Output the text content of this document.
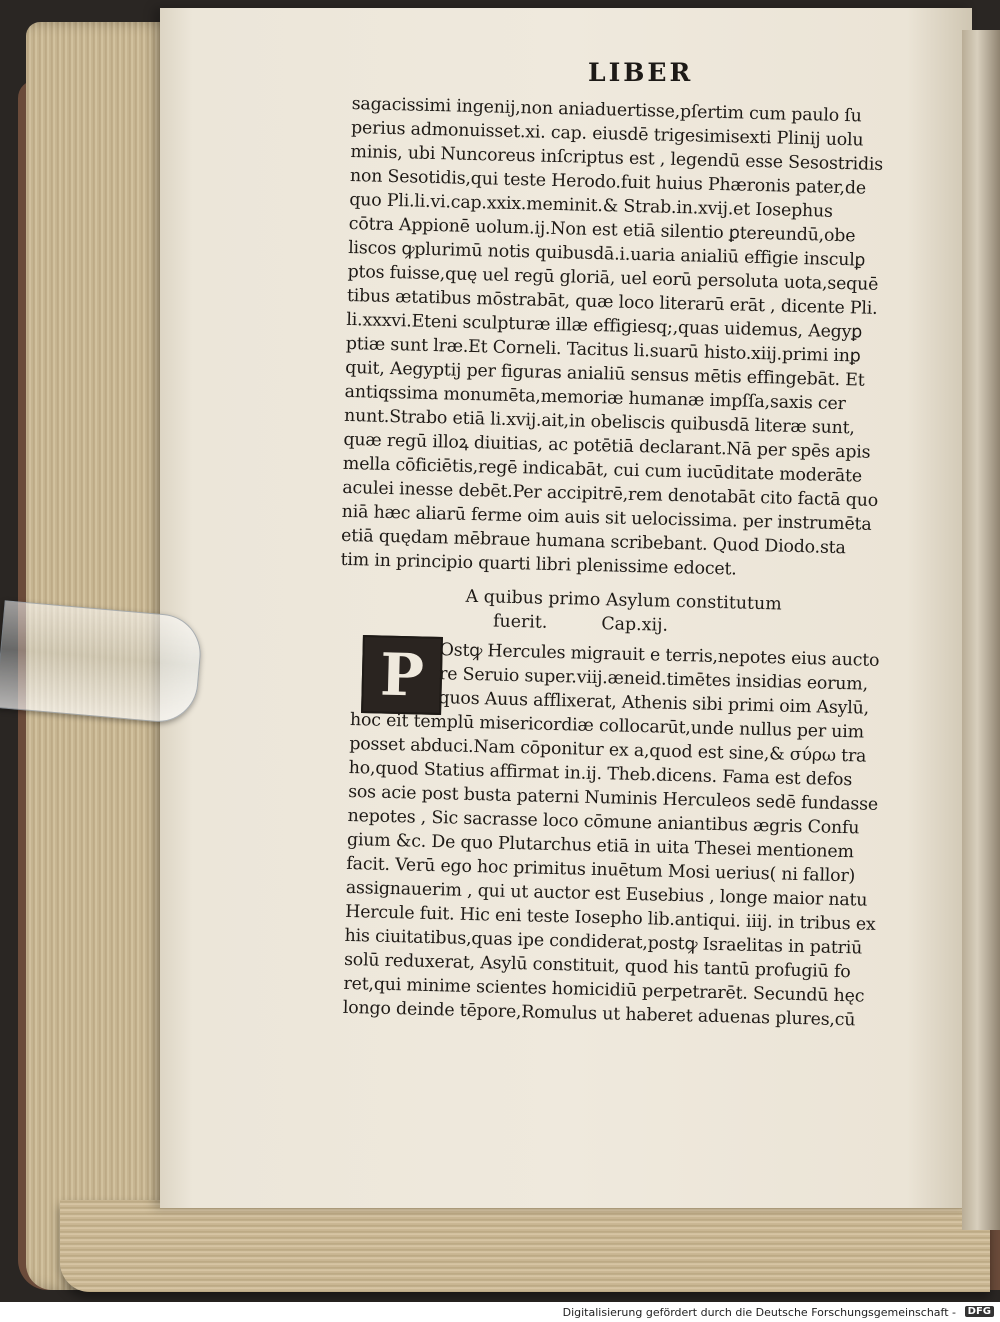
LIBER
sagacissimi ingenij,non aniaduertisse,pſertim cum paulo ſu
perius admonuisset.xi. cap. eiusdē trigesimisexti Plinij uolu
minis, ubi Nuncoreus inſcriptus est , legendū esse Sesostridis
non Sesotidis,qui teste Herodo.fuit huius Phæronis pater,de
quo Pli.li.vi.cap.xxix.meminit.& Strab.in.xvij.et Iosephus
cōtra Appionē uolum.ij.Non est etiā silentio ꝑtereundū,obe
liscos ꝙplurimū notis quibusdā.i.uaria anialiū effigie insculꝑ
ptos fuisse,quę uel regū gloriā, uel eorū persoluta uota,sequē
tibus ætatibus mōstrabāt, quæ loco literarū erāt , dicente Pli.
li.xxxvi.Eteni sculpturæ illæ effigiesq;,quas uidemus, Aegyꝑ
ptiæ sunt lræ.Et Corneli. Tacitus li.suarū histo.xiij.primi inꝑ
quit, Aegyptij per figuras anialiū sensus mētis effingebāt. Et
antiqssima monumēta,memoriæ humanæ impſſa,saxis cer
nunt.Strabo etiā li.xvij.ait,in obeliscis quibusdā literæ sunt,
quæ regū illoꝝ diuitias, ac potētiā declarant.Nā per spēs apis
mella cōficiētis,regē indicabāt, cui cum iucūditate moderāte
aculei inesse debēt.Per accipitrē,rem denotabāt cito factā quo
niā hæc aliarū ferme oim auis sit uelocissima. per instrumēta
etiā quędam mēbraue humana scribebant. Quod Diodo.sta
tim in principio quarti libri plenissime edocet.
A quibus primo Asylum constitutum
fuerit.	Cap.xij.
P Ostꝙ Hercules migrauit e terris,nepotes eius aucto
re Seruio super.viij.æneid.timētes insidias eorum,
quos Auus afflixerat, Athenis sibi primi oim Asylū,
hoc eit templū misericordiæ collocarūt,unde nullus per uim
posset abduci.Nam cōponitur ex a,quod est sine,& σύρω tra
ho,quod Statius affirmat in.ij. Theb.dicens. Fama est defos
sos acie post busta paterni Numinis Herculeos sedē fundasse
nepotes , Sic sacrasse loco cōmune aniantibus ægris Confu
gium &c. De quo Plutarchus etiā in uita Thesei mentionem
facit. Verū ego hoc primitus inuētum Mosi uerius( ni fallor)
assignauerim , qui ut auctor est Eusebius , longe maior natu
Hercule fuit. Hic eni teste Iosepho lib.antiqui. iiij. in tribus ex
his ciuitatibus,quas ipe condiderat,postꝙ Israelitas in patriū
solū reduxerat, Asylū constituit, quod his tantū profugiū fo
ret,qui minime scientes homicidiū perpetrarēt. Secundū hęc
longo deinde tēpore,Romulus ut haberet aduenas plures,cū
Digitalisierung gefördert durch die Deutsche Forschungsgemeinschaft -	DFG
